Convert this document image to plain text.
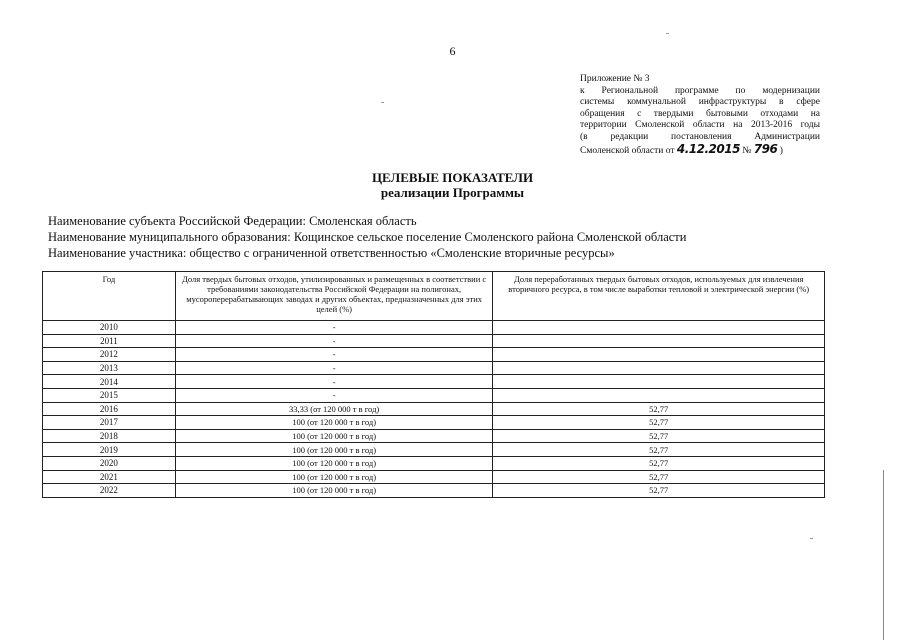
6
Приложение № 3
к Региональной программе по модернизации
системы коммунальной инфраструктуры в сфере
обращения с твердыми бытовыми отходами на
территории Смоленской области на 2013-2016 годы
(в редакции постановления Администрации
Смоленской области от 4.12.2015 № 796 )
ЦЕЛЕВЫЕ ПОКАЗАТЕЛИ
реализации Программы
Наименование субъекта Российской Федерации: Смоленская область
Наименование муниципального образования: Кощинское сельское поселение Смоленского района Смоленской области
Наименование участника: общество с ограниченной ответственностью «Смоленские вторичные ресурсы»
Год	Доля твердых бытовых отходов, утилизированных и размещенных в соответствии с требованиями законодательства Российской Федерации на полигонах, мусороперерабатывающих заводах и других объектах, предназначенных для этих целей (%)	Доля переработанных твердых бытовых отходов, используемых для извлечения вторичного ресурса, в том числе выработки тепловой и электрической энергии (%)
2010	-	
2011	-	
2012	-	
2013	-	
2014	-	
2015	-	
2016	33,33 (от 120 000 т в год)	52,77
2017	100 (от 120 000 т в год)	52,77
2018	100 (от 120 000 т в год)	52,77
2019	100 (от 120 000 т в год)	52,77
2020	100 (от 120 000 т в год)	52,77
2021	100 (от 120 000 т в год)	52,77
2022	100 (от 120 000 т в год)	52,77
